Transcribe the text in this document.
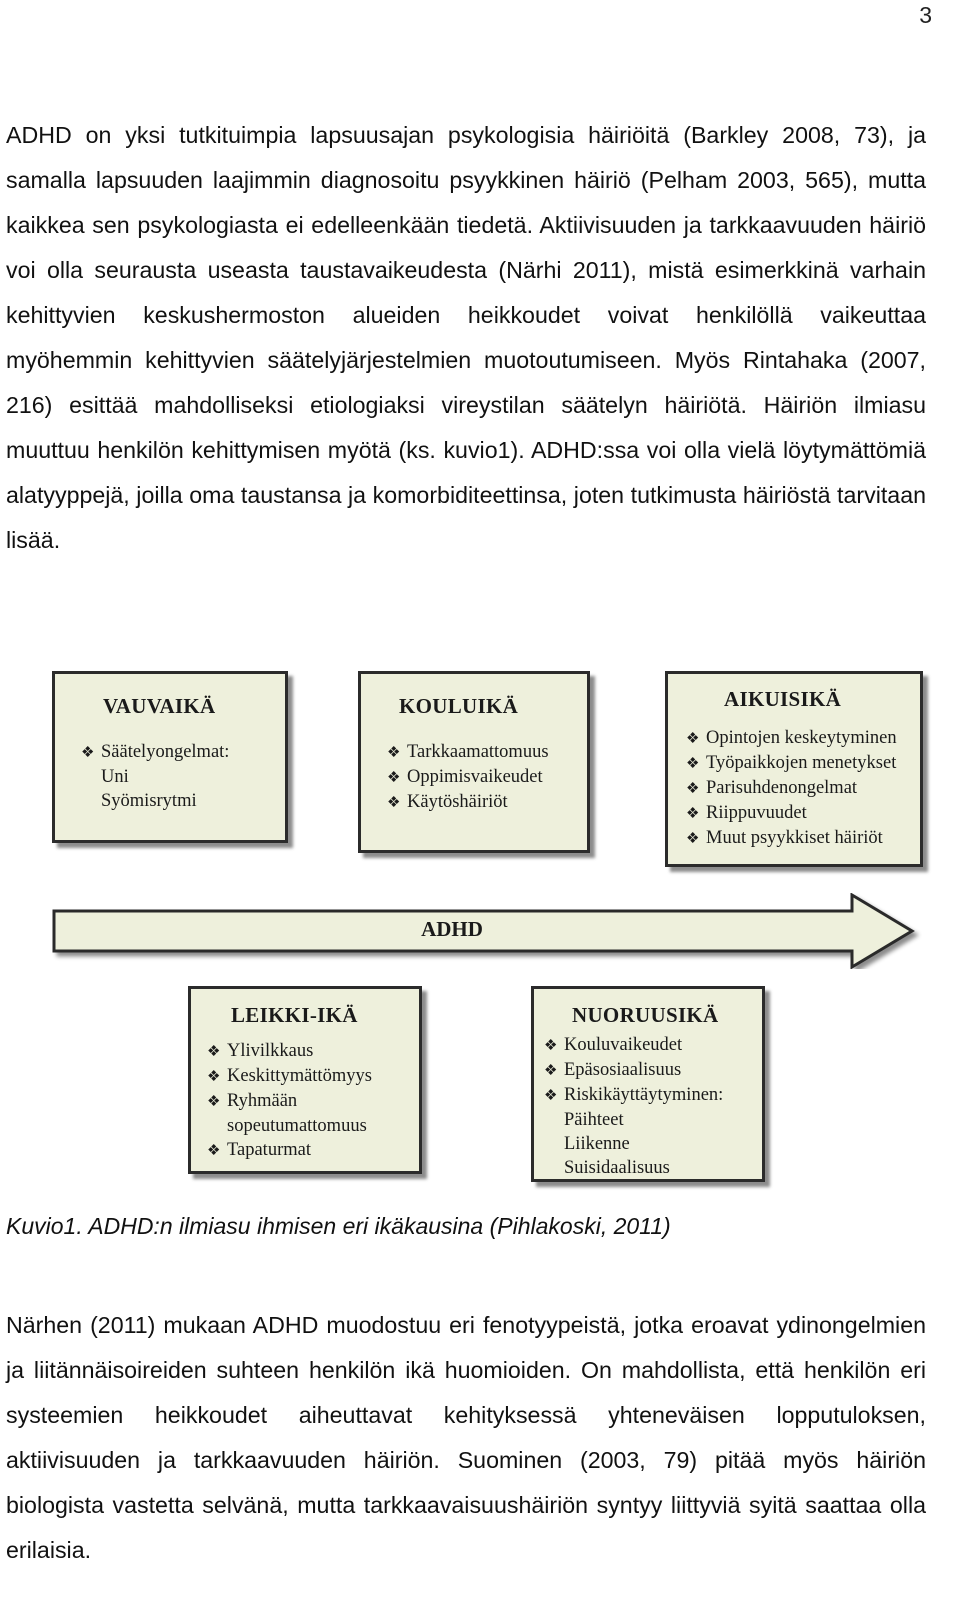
3

ADHD on yksi tutkituimpia lapsuusajan psykologisia häiriöitä (Barkley 2008, 73), ja samalla lapsuuden laajimmin diagnosoitu psyykkinen häiriö (Pelham 2003, 565), mutta kaikkea sen psykologiasta ei edelleenkään tiedetä. Aktiivisuuden ja tarkkaavuuden häiriö voi olla seurausta useasta taustavaikeudesta (Närhi 2011), mistä esimerkkinä varhain kehittyvien keskushermoston alueiden heikkoudet voivat henkilöllä vaikeuttaa myöhemmin kehittyvien säätelyjärjestelmien muotoutumiseen. Myös Rintahaka (2007, 216) esittää mahdolliseksi etiologiaksi vireystilan säätelyn häiriötä. Häiriön ilmiasu muuttuu henkilön kehittymisen myötä (ks. kuvio1). ADHD:ssa voi olla vielä löytymättömiä alatyyppejä, joilla oma taustansa ja komorbiditeettinsa, joten tutkimusta häiriöstä tarvitaan lisää.

VAUVAIKÄ
❖ Säätelyongelmat:
Uni
Syömisrytmi
KOULUIKÄ
❖ Tarkkaamattomuus
❖ Oppimisvaikeudet
❖ Käytöshäiriöt
AIKUISIKÄ
❖ Opintojen keskeytyminen
❖ Työpaikkojen menetykset
❖ Parisuhdenongelmat
❖ Riippuvuudet
❖ Muut psyykkiset häiriöt
ADHD
LEIKKI-IKÄ
❖ Ylivilkkaus
❖ Keskittymättömyys
❖ Ryhmään
sopeutumattomuus
❖ Tapaturmat
NUORUUSIKÄ
❖ Kouluvaikeudet
❖ Epäsosiaalisuus
❖ Riskikäyttäytyminen:
Päihteet
Liikenne
Suisidaalisuus
Kuvio1. ADHD:n ilmiasu ihmisen eri ikäkausina (Pihlakoski, 2011)

Närhen (2011) mukaan ADHD muodostuu eri fenotyypeistä, jotka eroavat ydinongelmien ja liitännäisoireiden suhteen henkilön ikä huomioiden. On mahdollista, että henkilön eri systeemien heikkoudet aiheuttavat kehityksessä yhteneväisen lopputuloksen, aktiivisuuden ja tarkkaavuuden häiriön. Suominen (2003, 79) pitää myös häiriön biologista vastetta selvänä, mutta tarkkaavaisuushäiriön syntyy liittyviä syitä saattaa olla erilaisia.
